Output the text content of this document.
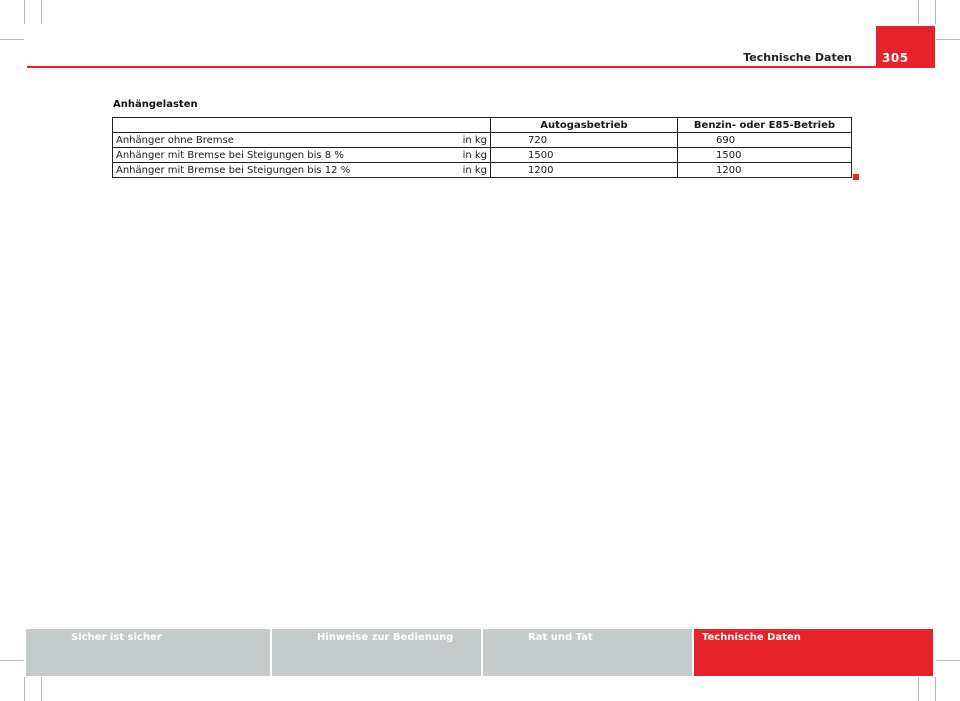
Technische Daten	305
Anhängelasten
		Autogasbetrieb	Benzin- oder E85-Betrieb
Anhänger ohne Bremse	in kg	720	690
Anhänger mit Bremse bei Steigungen bis 8 %	in kg	1500	1500
Anhänger mit Bremse bei Steigungen bis 12 %	in kg	1200	1200
Sicher ist sicher	Hinweise zur Bedienung	Rat und Tat	Technische Daten
